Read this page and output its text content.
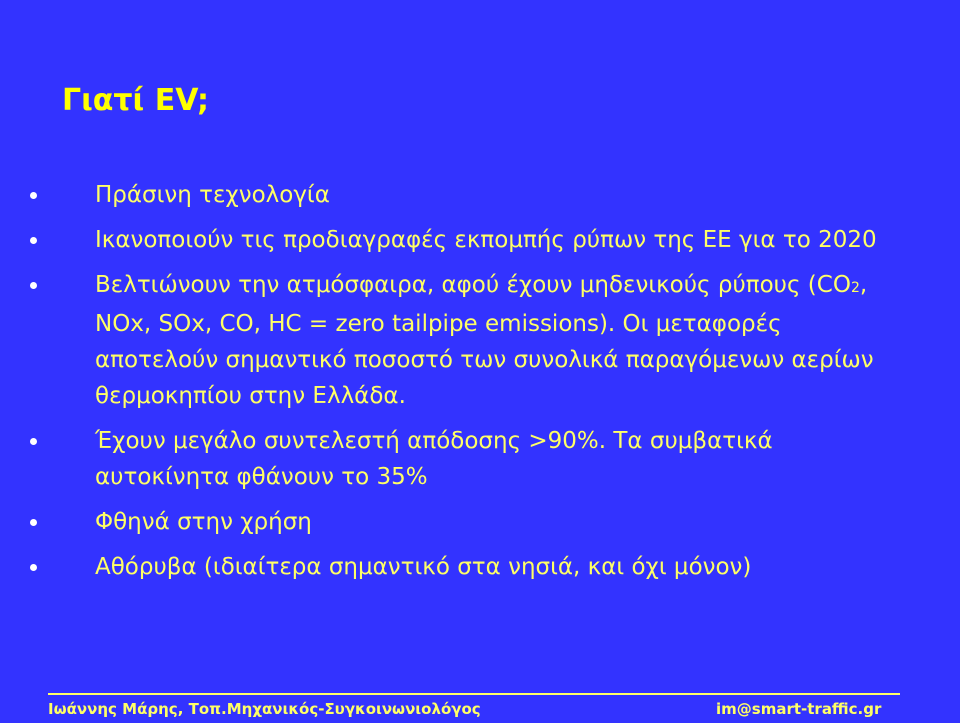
Γιατί EV;
Πράσινη τεχνολογία
Ικανοποιούν τις προδιαγραφές εκπομπής ρύπων της ΕΕ για το 2020
Βελτιώνουν την ατμόσφαιρα, αφού έχουν μηδενικούς ρύπους (CO2, NOx, SOx, CO, HC = zero tailpipe emissions). Οι μεταφορές αποτελούν σημαντικό ποσοστό των συνολικά παραγόμενων αερίων θερμοκηπίου στην Ελλάδα.
Έχουν μεγάλο συντελεστή απόδοσης >90%. Τα συμβατικά αυτοκίνητα φθάνουν το 35%
Φθηνά στην χρήση
Αθόρυβα (ιδιαίτερα σημαντικό στα νησιά, και όχι μόνον)
Ιωάννης Μάρης, Τοπ.Μηχανικός-Συγκοινωνιολόγος	im@smart-traffic.gr
